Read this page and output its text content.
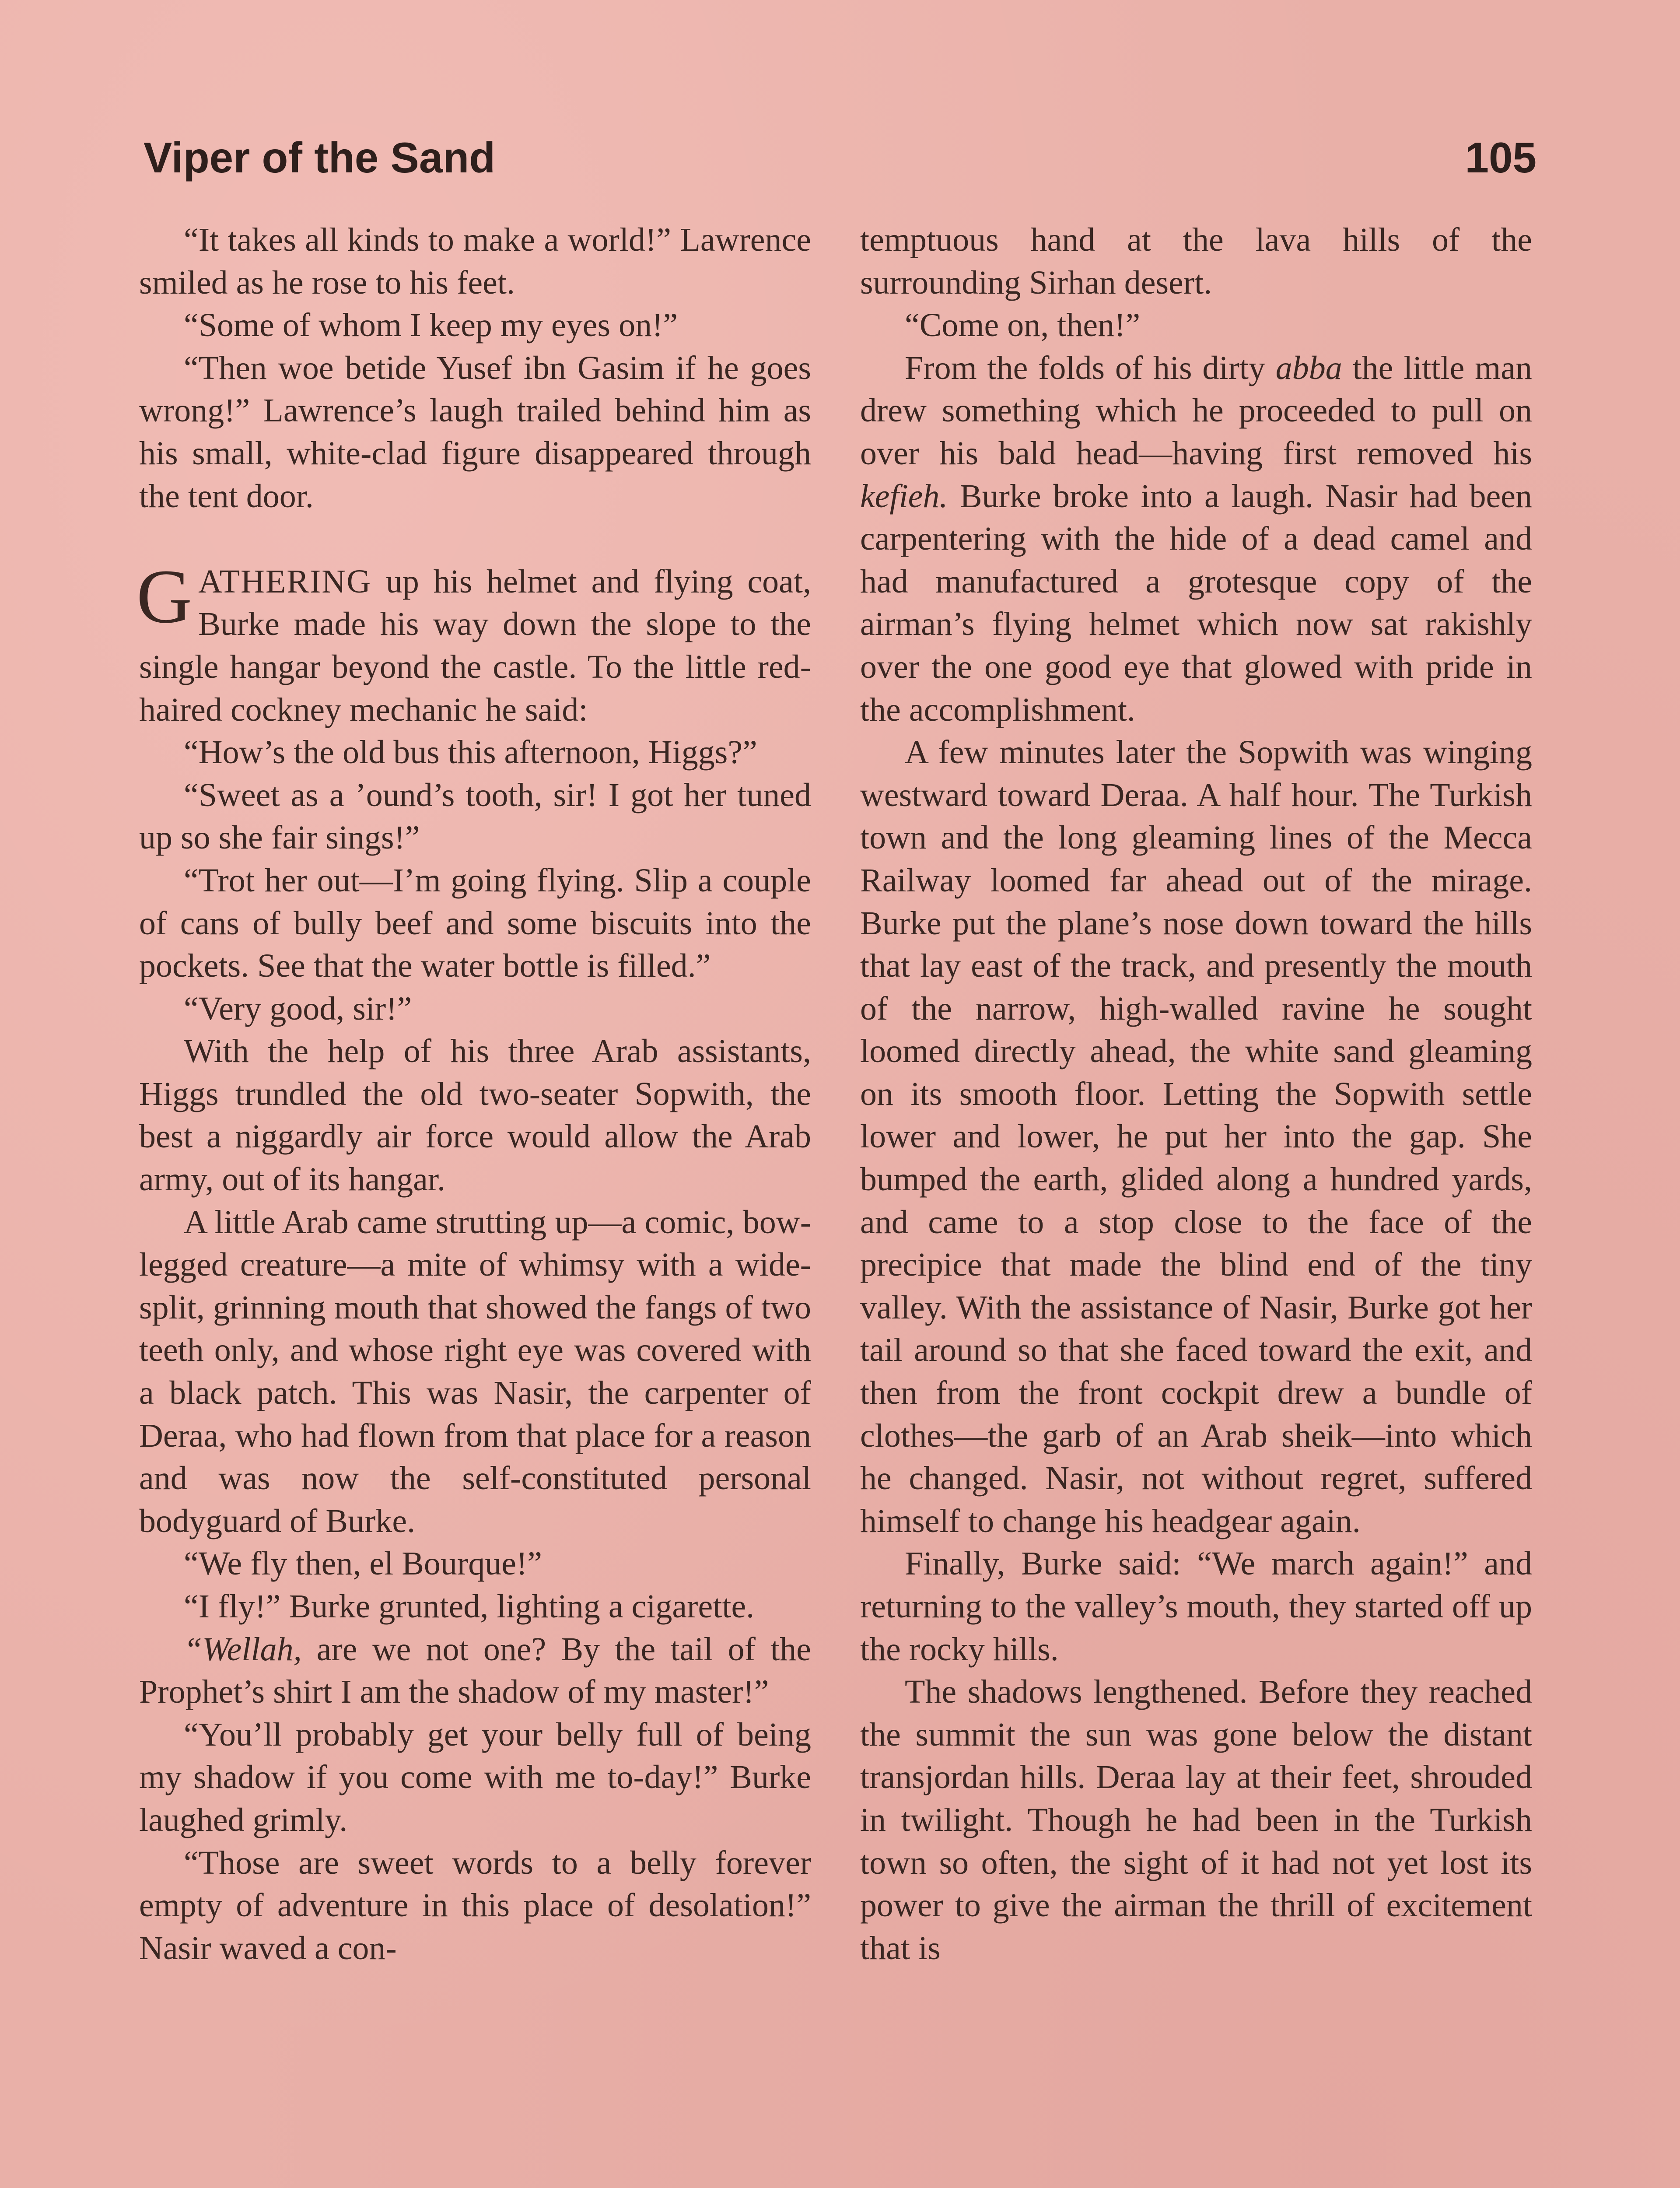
Viper of the Sand	105

“It takes all kinds to make a world!” Lawrence smiled as he rose to his feet.

“Some of whom I keep my eyes on!”

“Then woe betide Yusef ibn Gasim if he goes wrong!” Lawrence’s laugh trailed behind him as his small, white-clad figure disappeared through the tent door.

GATHERING up his helmet and flying coat, Burke made his way down the slope to the single hangar beyond the castle. To the little red-haired cockney mechanic he said:

“How’s the old bus this afternoon, Higgs?”

“Sweet as a ’ound’s tooth, sir! I got her tuned up so she fair sings!”

“Trot her out—I’m going flying. Slip a couple of cans of bully beef and some biscuits into the pockets. See that the water bottle is filled.”

“Very good, sir!”

With the help of his three Arab assistants, Higgs trundled the old two-seater Sopwith, the best a niggardly air force would allow the Arab army, out of its hangar.

A little Arab came strutting up—a comic, bow-legged creature—a mite of whimsy with a wide-split, grinning mouth that showed the fangs of two teeth only, and whose right eye was covered with a black patch. This was Nasir, the carpenter of Deraa, who had flown from that place for a reason and was now the self-constituted personal bodyguard of Burke.

“We fly then, el Bourque!”

“I fly!” Burke grunted, lighting a cigarette.

“Wellah, are we not one? By the tail of the Prophet’s shirt I am the shadow of my master!”

“You’ll probably get your belly full of being my shadow if you come with me to-day!” Burke laughed grimly.

“Those are sweet words to a belly forever empty of adventure in this place of desolation!” Nasir waved a con-

temptuous hand at the lava hills of the surrounding Sirhan desert.

“Come on, then!”

From the folds of his dirty abba the little man drew something which he proceeded to pull on over his bald head—having first removed his kefieh. Burke broke into a laugh. Nasir had been carpentering with the hide of a dead camel and had manufactured a grotesque copy of the airman’s flying helmet which now sat rakishly over the one good eye that glowed with pride in the accomplishment.

A few minutes later the Sopwith was winging westward toward Deraa. A half hour. The Turkish town and the long gleaming lines of the Mecca Railway loomed far ahead out of the mirage. Burke put the plane’s nose down toward the hills that lay east of the track, and presently the mouth of the narrow, high-walled ravine he sought loomed directly ahead, the white sand gleaming on its smooth floor. Letting the Sopwith settle lower and lower, he put her into the gap. She bumped the earth, glided along a hundred yards, and came to a stop close to the face of the precipice that made the blind end of the tiny valley. With the assistance of Nasir, Burke got her tail around so that she faced toward the exit, and then from the front cockpit drew a bundle of clothes—the garb of an Arab sheik—into which he changed. Nasir, not without regret, suffered himself to change his headgear again.

Finally, Burke said: “We march again!” and returning to the valley’s mouth, they started off up the rocky hills.

The shadows lengthened. Before they reached the summit the sun was gone below the distant transjordan hills. Deraa lay at their feet, shrouded in twilight. Though he had been in the Turkish town so often, the sight of it had not yet lost its power to give the airman the thrill of excitement that is
